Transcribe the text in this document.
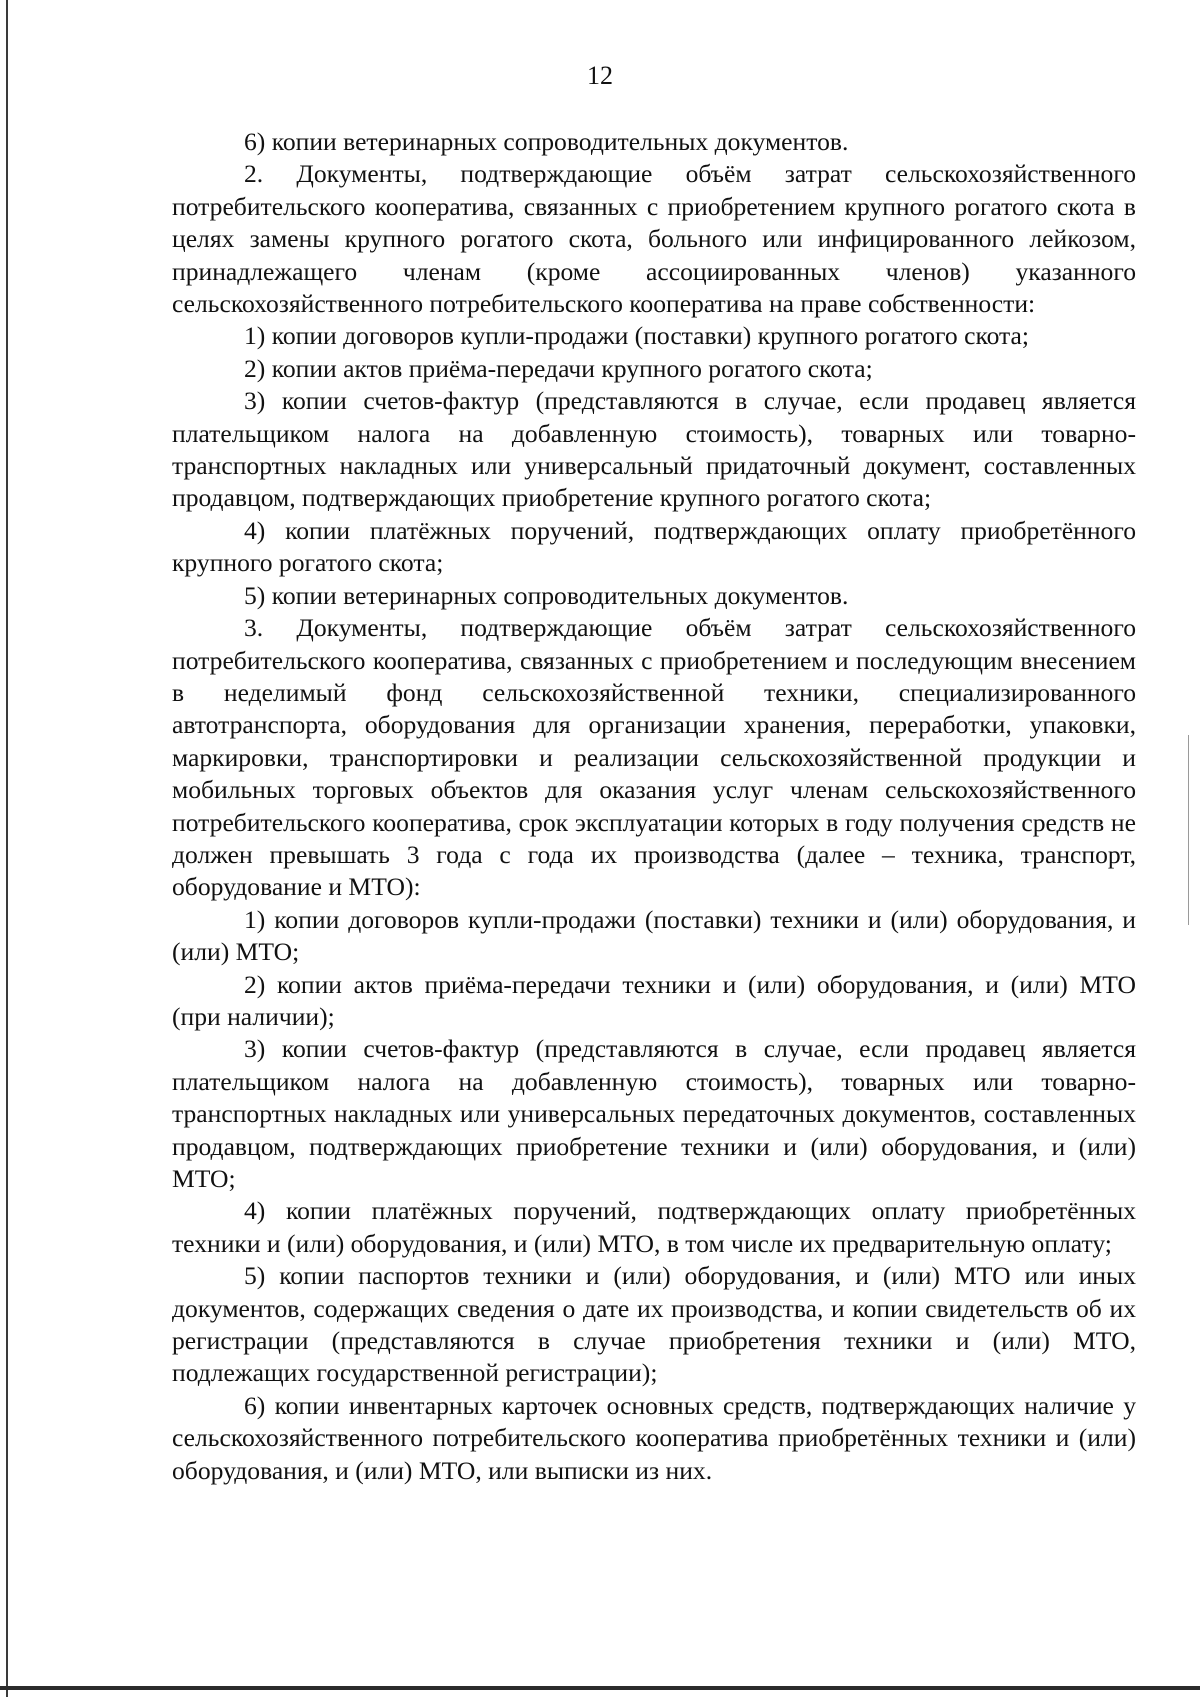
12

6) копии ветеринарных сопроводительных документов.

2. Документы, подтверждающие объём затрат сельскохозяйственного потребительского кооператива, связанных с приобретением крупного рогатого скота в целях замены крупного рогатого скота, больного или инфицированного лейкозом, принадлежащего членам (кроме ассоциированных членов) указанного сельскохозяйственного потребительского кооператива на праве собственности:

1) копии договоров купли-продажи (поставки) крупного рогатого скота;

2) копии актов приёма-передачи крупного рогатого скота;

3) копии счетов-фактур (представляются в случае, если продавец является плательщиком налога на добавленную стоимость), товарных или товарно-транспортных накладных или универсальный придаточный документ, составленных продавцом, подтверждающих приобретение крупного рогатого скота;

4) копии платёжных поручений, подтверждающих оплату приобретённого крупного рогатого скота;

5) копии ветеринарных сопроводительных документов.

3. Документы, подтверждающие объём затрат сельскохозяйственного потребительского кооператива, связанных с приобретением и последующим внесением в неделимый фонд сельскохозяйственной техники, специализированного автотранспорта, оборудования для организации хранения, переработки, упаковки, маркировки, транспортировки и реализации сельскохозяйственной продукции и мобильных торговых объектов для оказания услуг членам сельскохозяйственного потребительского кооператива, срок эксплуатации которых в году получения средств не должен превышать 3 года с года их производства (далее – техника, транспорт, оборудование и МТО):

1) копии договоров купли-продажи (поставки) техники и (или) оборудования, и (или) МТО;

2) копии актов приёма-передачи техники и (или) оборудования, и (или) МТО (при наличии);

3) копии счетов-фактур (представляются в случае, если продавец является плательщиком налога на добавленную стоимость), товарных или товарно-транспортных накладных или универсальных передаточных документов, составленных продавцом, подтверждающих приобретение техники и (или) оборудования, и (или) МТО;

4) копии платёжных поручений, подтверждающих оплату приобретённых техники и (или) оборудования, и (или) МТО, в том числе их предварительную оплату;

5) копии паспортов техники и (или) оборудования, и (или) МТО или иных документов, содержащих сведения о дате их производства, и копии свидетельств об их регистрации (представляются в случае приобретения техники и (или) МТО, подлежащих государственной регистрации);

6) копии инвентарных карточек основных средств, подтверждающих наличие у сельскохозяйственного потребительского кооператива приобретённых техники и (или) оборудования, и (или) МТО, или выписки из них.
